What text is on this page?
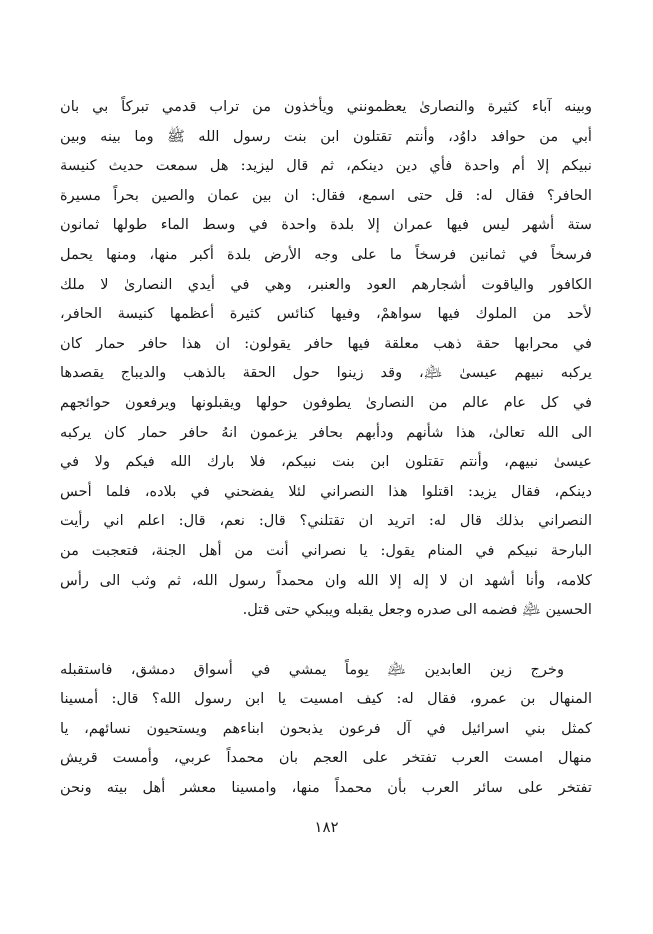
وبينه آباء كثيرة والنصارىٰ يعظمونني ويأخذون من تراب قدمي تبركاً بي بان
أبي من حوافد داوُد، وأنتم تقتلون ابن بنت رسول الله ﷺ وما بينه وبين
نبيكم إلا أم واحدة فأي دين دينكم، ثم قال ليزيد: هل سمعت حديث كنيسة
الحافر؟ فقال له: قل حتى اسمع، فقال: ان بين عمان والصين بحراً مسيرة
ستة أشهر ليس فيها عمران إلا بلدة واحدة في وسط الماء طولها ثمانون
فرسخاً في ثمانين فرسخاً ما على وجه الأرض بلدة أكبر منها، ومنها يحمل
الكافور والياقوت أشجارهم العود والعنبر، وهي في أيدي النصارىٰ لا ملك
لأحد من الملوك فيها سواهمْ، وفيها كنائس كثيرة أعظمها كنيسة الحافر،
في محرابها حقة ذهب معلقة فيها حافر يقولون: ان هذا حافر حمار كان
يركبه نبيهم عيسىٰ ﵇، وقد زينوا حول الحقة بالذهب والديباج يقصدها
في كل عام عالم من النصارىٰ يطوفون حولها ويقبلونها ويرفعون حوائجهم
الى الله تعالىٰ، هذا شأنهم ودأبهم بحافر يزعمون انهُ حافر حمار كان يركبه
عيسىٰ نبيهم، وأنتم تقتلون ابن بنت نبيكم، فلا بارك الله فيكم ولا في
دينكم، فقال يزيد: اقتلوا هذا النصراني لئلا يفضحني في بلاده، فلما أحس
النصراني بذلك قال له: اتريد ان تقتلني؟ قال: نعم، قال: اعلم اني رأيت
البارحة نبيكم في المنام يقول: يا نصراني أنت من أهل الجنة، فتعجبت من
كلامه، وأنا أشهد ان لا إله إلا الله وان محمداً رسول الله، ثم وثب الى رأس
الحسين ﵇ فضمه الى صدره وجعل يقبله ويبكي حتى قتل.
وخرج زين العابدين ﵇ يوماً يمشي في أسواق دمشق، فاستقبله
المنهال بن عمرو، فقال له: كيف امسيت يا ابن رسول الله؟ قال: أمسينا
كمثل بني اسرائيل في آل فرعون يذبحون ابناءهم ويستحيون نسائهم، يا
منهال امست العرب تفتخر على العجم بان محمداً عربي، وأمست قريش
تفتخر على سائر العرب بأن محمداً منها، وامسينا معشر أهل بيته ونحن
١٨٢
